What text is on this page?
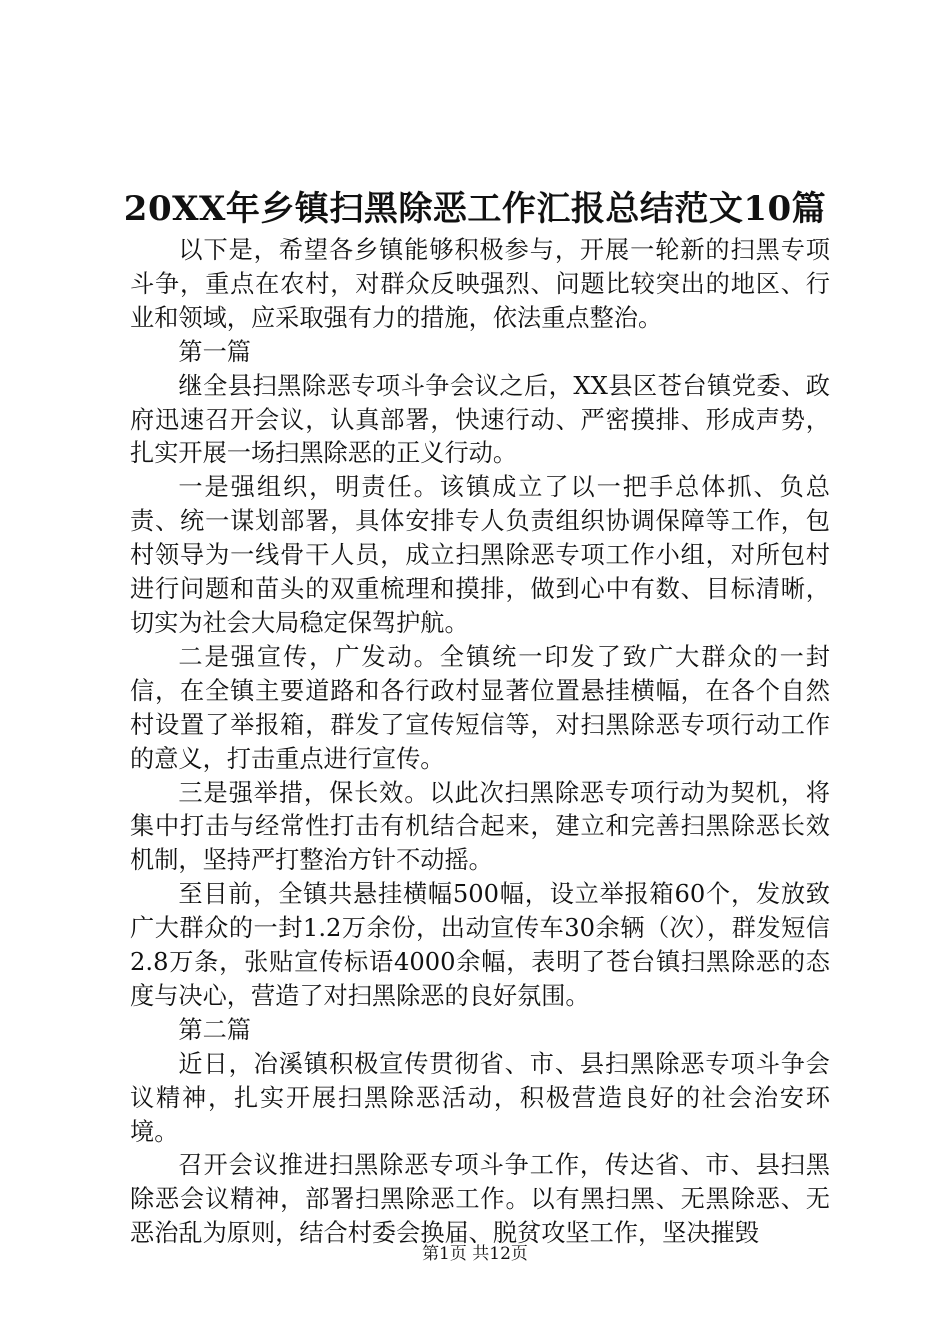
20XX年乡镇扫黑除恶工作汇报总结范文10篇

以下是，希望各乡镇能够积极参与，开展一轮新的扫黑专项斗争，重点在农村，对群众反映强烈、问题比较突出的地区、行业和领域，应采取强有力的措施，依法重点整治。

第一篇

继全县扫黑除恶专项斗争会议之后，XX县区苍台镇党委、政府迅速召开会议，认真部署，快速行动、严密摸排、形成声势，扎实开展一场扫黑除恶的正义行动。

一是强组织，明责任。该镇成立了以一把手总体抓、负总责、统一谋划部署，具体安排专人负责组织协调保障等工作，包村领导为一线骨干人员，成立扫黑除恶专项工作小组，对所包村进行问题和苗头的双重梳理和摸排，做到心中有数、目标清晰，切实为社会大局稳定保驾护航。

二是强宣传，广发动。全镇统一印发了致广大群众的一封信，在全镇主要道路和各行政村显著位置悬挂横幅，在各个自然村设置了举报箱，群发了宣传短信等，对扫黑除恶专项行动工作的意义，打击重点进行宣传。

三是强举措，保长效。以此次扫黑除恶专项行动为契机，将集中打击与经常性打击有机结合起来，建立和完善扫黑除恶长效机制，坚持严打整治方针不动摇。

至目前，全镇共悬挂横幅500幅，设立举报箱60个，发放致广大群众的一封1.2万余份，出动宣传车30余辆（次），群发短信2.8万条，张贴宣传标语4000余幅，表明了苍台镇扫黑除恶的态度与决心，营造了对扫黑除恶的良好氛围。

第二篇

近日，冶溪镇积极宣传贯彻省、市、县扫黑除恶专项斗争会议精神，扎实开展扫黑除恶活动，积极营造良好的社会治安环境。

召开会议推进扫黑除恶专项斗争工作，传达省、市、县扫黑除恶会议精神，部署扫黑除恶工作。以有黑扫黑、无黑除恶、无恶治乱为原则，结合村委会换届、脱贫攻坚工作，坚决摧毁

第1页 共12页
